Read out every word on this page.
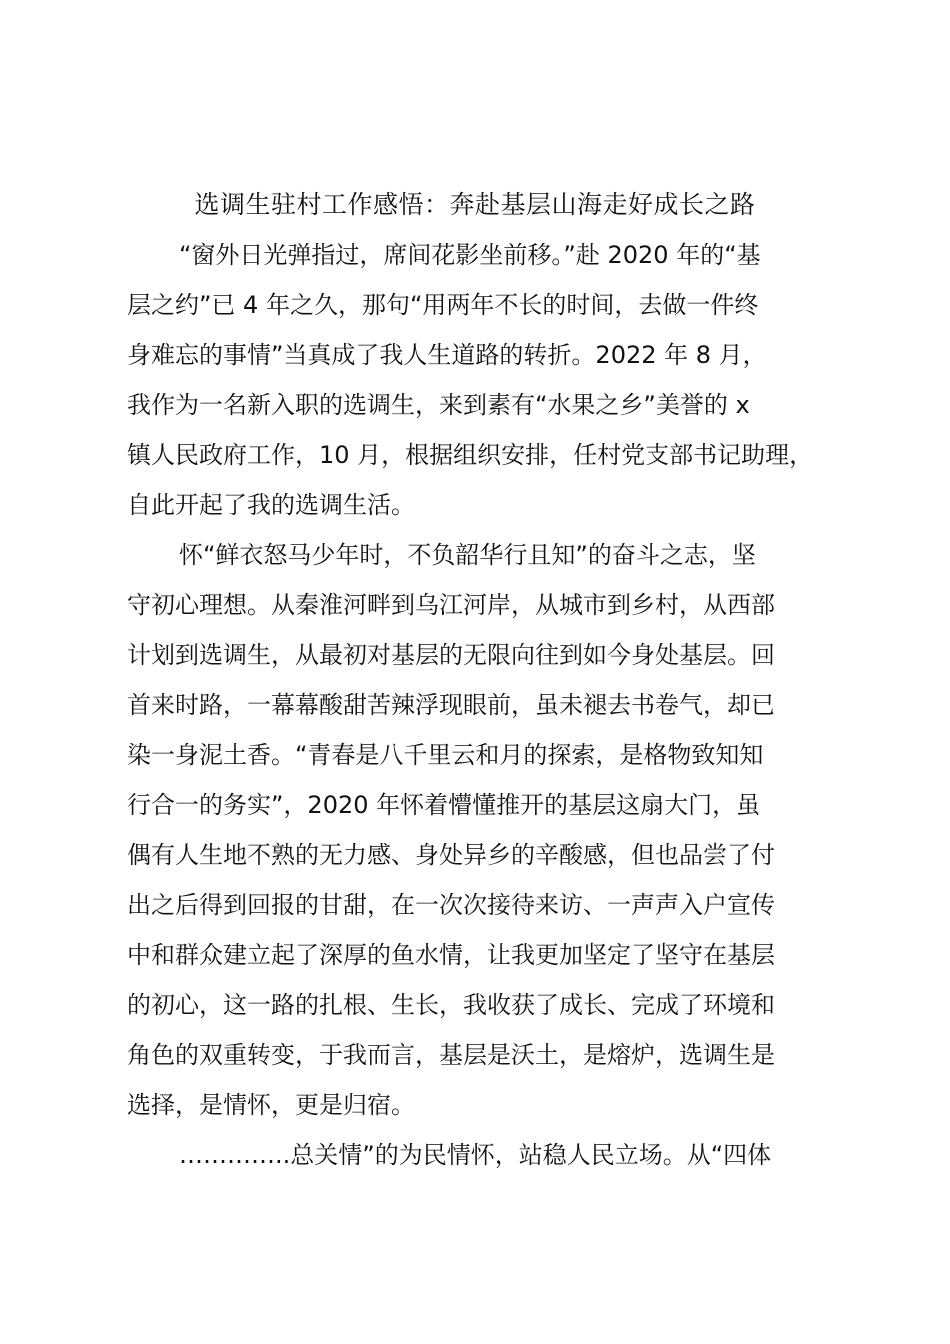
选调生驻村工作感悟：奔赴基层山海走好成长之路

“窗外日光弹指过，席间花影坐前移。”赴 2020 年的“基

层之约”已 4 年之久，那句“用两年不长的时间，去做一件终

身难忘的事情”当真成了我人生道路的转折。2022 年 8 月，

我作为一名新入职的选调生，来到素有“水果之乡”美誉的 x

镇人民政府工作，10 月，根据组织安排，任村党支部书记助理，

自此开起了我的选调生活。

怀“鲜衣怒马少年时，不负韶华行且知”的奋斗之志，坚

守初心理想。从秦淮河畔到乌江河岸，从城市到乡村，从西部

计划到选调生，从最初对基层的无限向往到如今身处基层。回

首来时路，一幕幕酸甜苦辣浮现眼前，虽未褪去书卷气，却已

染一身泥土香。“青春是八千里云和月的探索，是格物致知知

行合一的务实”，2020 年怀着懵懂推开的基层这扇大门，虽

偶有人生地不熟的无力感、身处异乡的辛酸感，但也品尝了付

出之后得到回报的甘甜，在一次次接待来访、一声声入户宣传

中和群众建立起了深厚的鱼水情，让我更加坚定了坚守在基层

的初心，这一路的扎根、生长，我收获了成长、完成了环境和

角色的双重转变，于我而言，基层是沃土，是熔炉，选调生是

选择，是情怀，更是归宿。

…………..总关情”的为民情怀，站稳人民立场。从“四体
